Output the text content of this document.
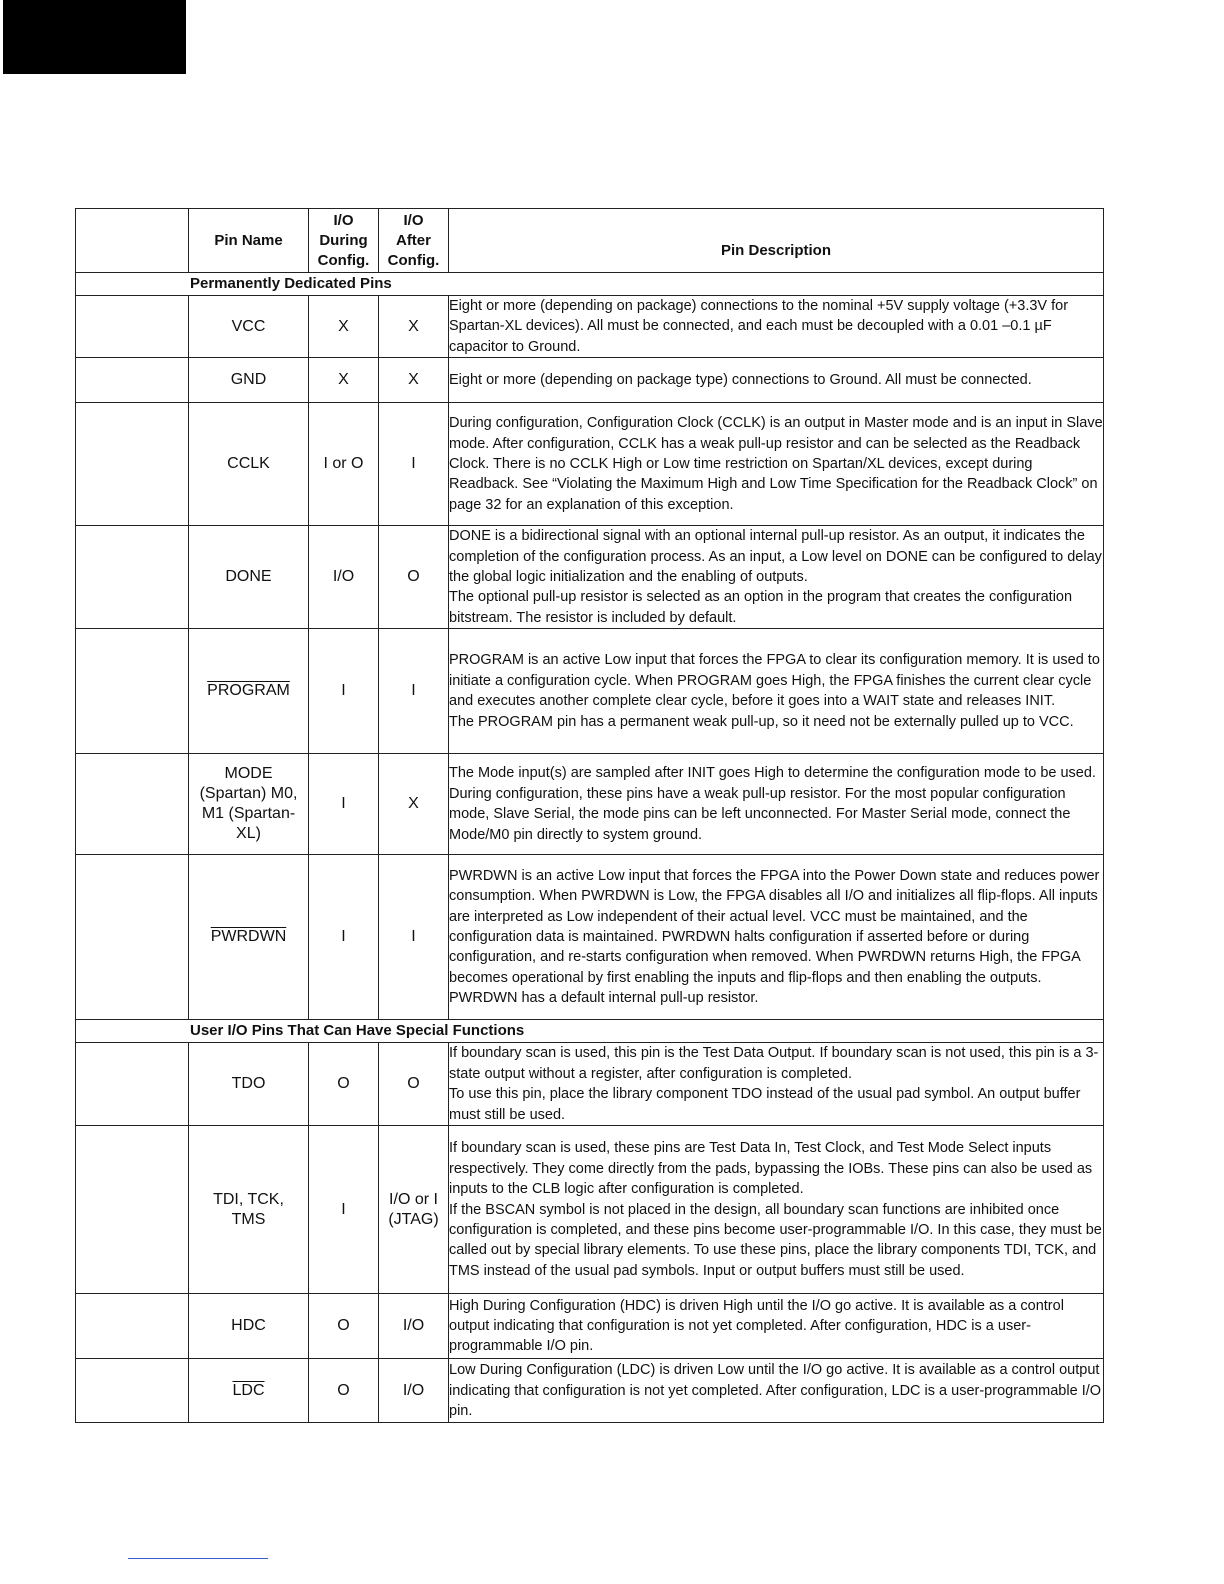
	Pin Name	I/O
During
Config.	I/O
After
Config.	Pin Description
Permanently Dedicated Pins				
	VCC	X	X	Eight or more (depending on package) connections to the nominal +5V supply voltage (+3.3V for Spartan-XL devices). All must be connected, and each must be decoupled with a 0.01 –0.1 µF capacitor to Ground.

	GND	X	X	Eight or more (depending on package type) connections to Ground. All must be connected.

	CCLK	I or O	I	During configuration, Configuration Clock (CCLK) is an output in Master mode and is an input in Slave mode. After configuration, CCLK has a weak pull-up resistor and can be selected as the Readback Clock. There is no CCLK High or Low time restriction on Spartan/XL devices, except during Readback. See “Violating the Maximum High and Low Time Specification for the Readback Clock” on page 32 for an explanation of this exception.

	DONE	I/O	O	DONE is a bidirectional signal with an optional internal pull-up resistor. As an output, it indicates the completion of the configuration process. As an input, a Low level on DONE can be configured to delay the global logic initialization and the enabling of outputs.

The optional pull-up resistor is selected as an option in the program that creates the configuration bitstream. The resistor is included by default.

	PROGRAM	I	I	PROGRAM is an active Low input that forces the FPGA to clear its configuration memory. It is used to initiate a configuration cycle. When PROGRAM goes High, the FPGA finishes the current clear cycle and executes another complete clear cycle, before it goes into a WAIT state and releases INIT.

The PROGRAM pin has a permanent weak pull-up, so it need not be externally pulled up to VCC.

	MODE (Spartan) M0, M1 (Spartan-XL)	I	X	The Mode input(s) are sampled after INIT goes High to determine the configuration mode to be used.

During configuration, these pins have a weak pull-up resistor. For the most popular configuration mode, Slave Serial, the mode pins can be left unconnected. For Master Serial mode, connect the Mode/M0 pin directly to system ground.

	PWRDWN	I	I	PWRDWN is an active Low input that forces the FPGA into the Power Down state and reduces power consumption. When PWRDWN is Low, the FPGA disables all I/O and initializes all flip-flops. All inputs are interpreted as Low independent of their actual level. VCC must be maintained, and the configuration data is maintained. PWRDWN halts configuration if asserted before or during configuration, and re-starts configuration when removed. When PWRDWN returns High, the FPGA becomes operational by first enabling the inputs and flip-flops and then enabling the outputs. PWRDWN has a default internal pull-up resistor.

User I/O Pins That Can Have Special Functions				
	TDO	O	O	If boundary scan is used, this pin is the Test Data Output. If boundary scan is not used, this pin is a 3-state output without a register, after configuration is completed.

To use this pin, place the library component TDO instead of the usual pad symbol. An output buffer must still be used.

	TDI, TCK, TMS	I	I/O or I (JTAG)	If boundary scan is used, these pins are Test Data In, Test Clock, and Test Mode Select inputs respectively. They come directly from the pads, bypassing the IOBs. These pins can also be used as inputs to the CLB logic after configuration is completed.

If the BSCAN symbol is not placed in the design, all boundary scan functions are inhibited once configuration is completed, and these pins become user-programmable I/O. In this case, they must be called out by special library elements. To use these pins, place the library components TDI, TCK, and TMS instead of the usual pad symbols. Input or output buffers must still be used.

	HDC	O	I/O	High During Configuration (HDC) is driven High until the I/O go active. It is available as a control output indicating that configuration is not yet completed. After configuration, HDC is a user-programmable I/O pin.

	$\overline{LDC}$	O	I/O	Low During Configuration (LDC) is driven Low until the I/O go active. It is available as a control output indicating that configuration is not yet completed. After configuration, LDC is a user-programmable I/O pin.
